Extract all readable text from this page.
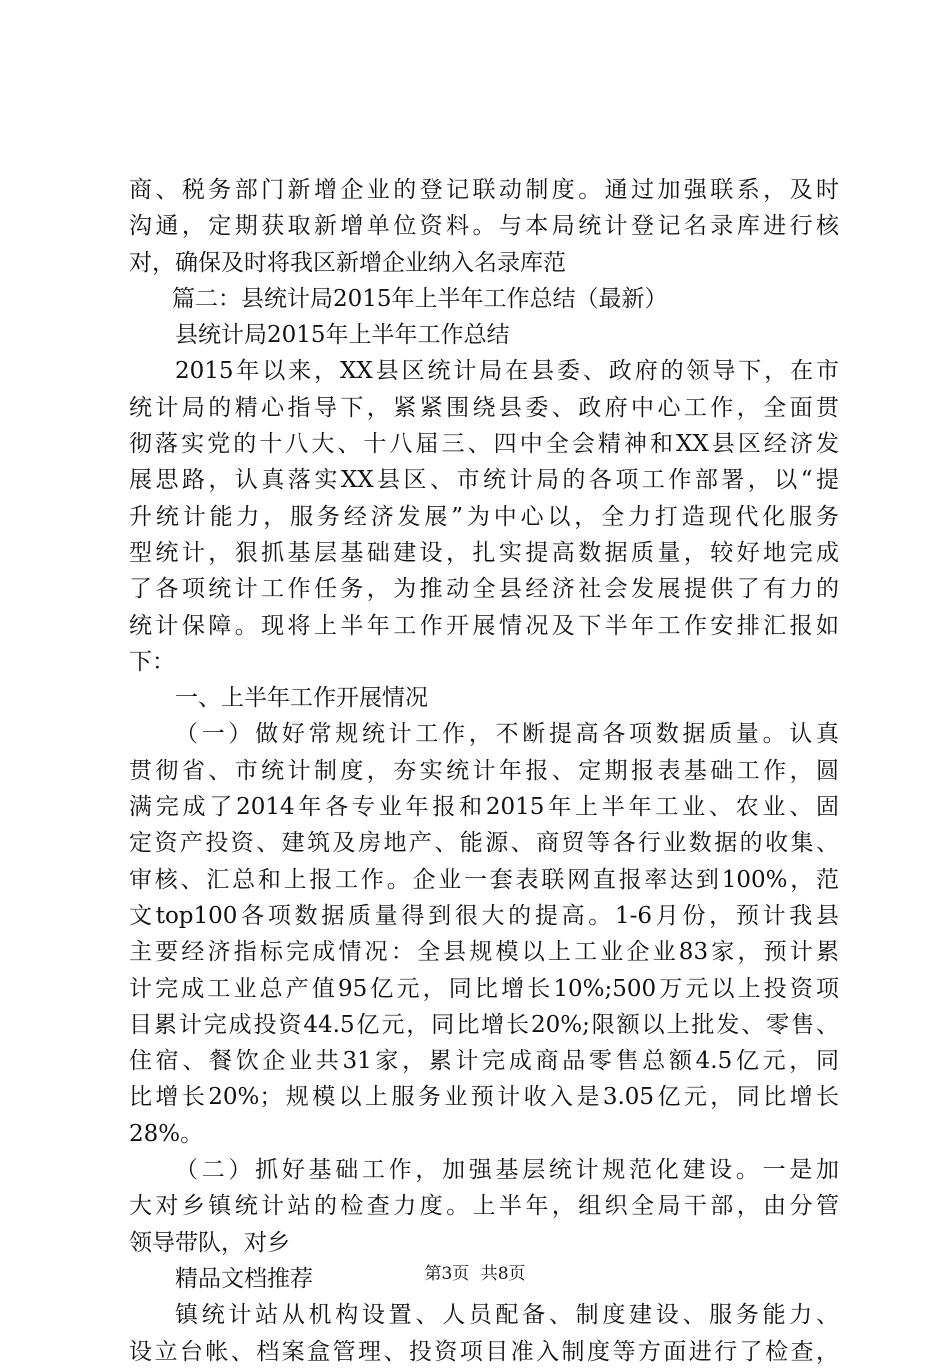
商、税务部门新增企业的登记联动制度。通过加强联系，及时
沟通，定期获取新增单位资料。与本局统计登记名录库进行核
对，确保及时将我区新增企业纳入名录库范
篇二：县统计局2015年上半年工作总结（最新）
县统计局2015年上半年工作总结
2015年以来，XX县区统计局在县委、政府的领导下，在市
统计局的精心指导下，紧紧围绕县委、政府中心工作，全面贯
彻落实党的十八大、十八届三、四中全会精神和XX县区经济发
展思路，认真落实XX县区、市统计局的各项工作部署，以“提
升统计能力，服务经济发展”为中心以，全力打造现代化服务
型统计，狠抓基层基础建设，扎实提高数据质量，较好地完成
了各项统计工作任务，为推动全县经济社会发展提供了有力的
统计保障。现将上半年工作开展情况及下半年工作安排汇报如
下：
一、上半年工作开展情况
（一）做好常规统计工作，不断提高各项数据质量。认真
贯彻省、市统计制度，夯实统计年报、定期报表基础工作，圆
满完成了2014年各专业年报和2015年上半年工业、农业、固
定资产投资、建筑及房地产、能源、商贸等各行业数据的收集、
审核、汇总和上报工作。企业一套表联网直报率达到100%，范
文top100各项数据质量得到很大的提高。1-6月份，预计我县
主要经济指标完成情况：全县规模以上工业企业83家，预计累
计完成工业总产值95亿元，同比增长10%;500万元以上投资项
目累计完成投资44.5亿元，同比增长20%;限额以上批发、零售、
住宿、餐饮企业共31家，累计完成商品零售总额4.5亿元，同
比增长20%；规模以上服务业预计收入是3.05亿元，同比增长
28%。
（二）抓好基础工作，加强基层统计规范化建设。一是加
大对乡镇统计站的检查力度。上半年，组织全局干部，由分管
领导带队，对乡
精品文档推荐
镇统计站从机构设置、人员配备、制度建设、服务能力、
设立台帐、档案盒管理、投资项目准入制度等方面进行了检查，
第3页 共8页
